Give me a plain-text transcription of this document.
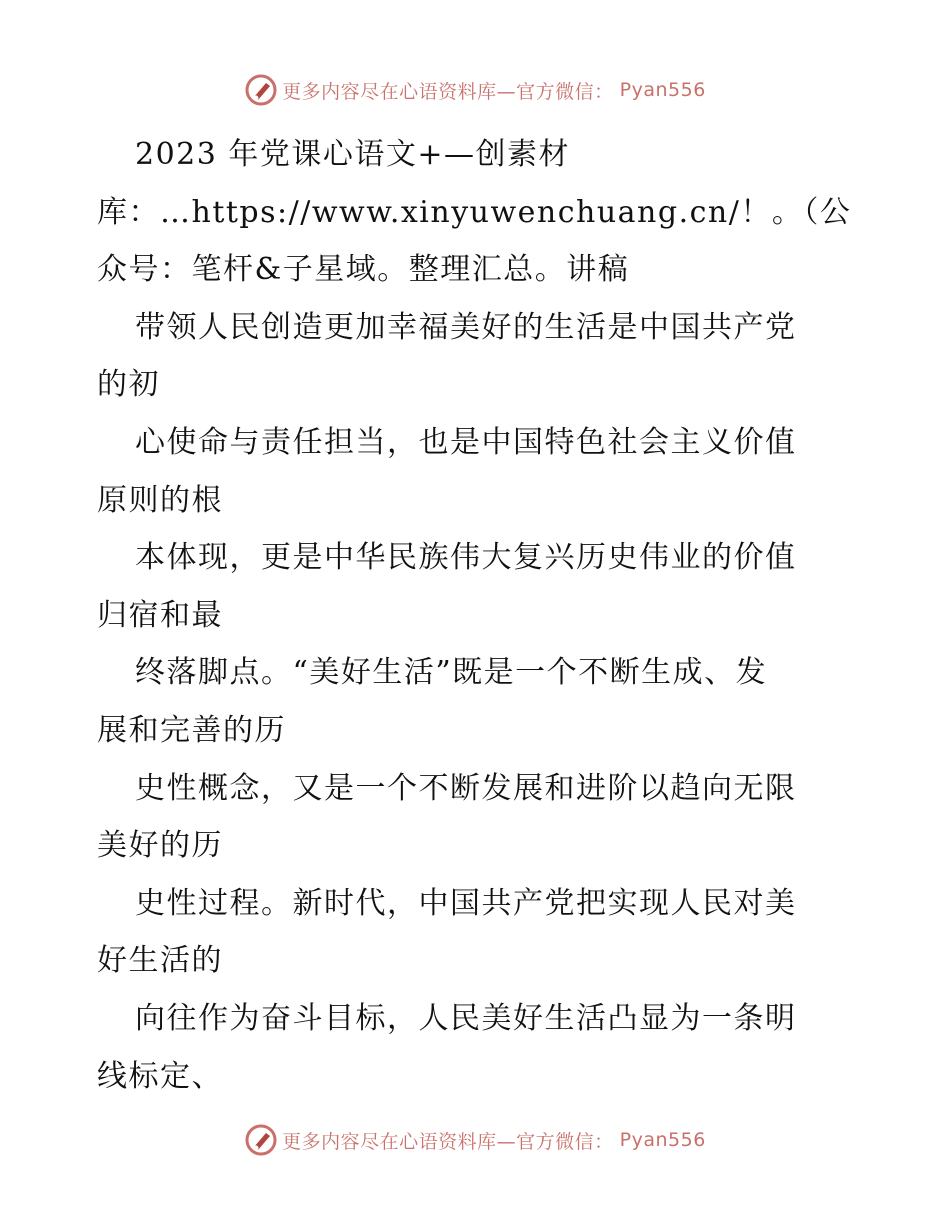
更多内容尽在心语资料库—官方微信： Pyan556
2023 年党课心语文+—创素材
库：…https://www.xinyuwenchuang.cn/！。（公
众号：笔杆&子星域。整理汇总。讲稿
带领人民创造更加幸福美好的生活是中国共产党
的初
心使命与责任担当，也是中国特色社会主义价值
原则的根
本体现，更是中华民族伟大复兴历史伟业的价值
归宿和最
终落脚点。“美好生活”既是一个不断生成、发
展和完善的历
史性概念，又是一个不断发展和进阶以趋向无限
美好的历
史性过程。新时代，中国共产党把实现人民对美
好生活的
向往作为奋斗目标，人民美好生活凸显为一条明
线标定、
更多内容尽在心语资料库—官方微信： Pyan556
